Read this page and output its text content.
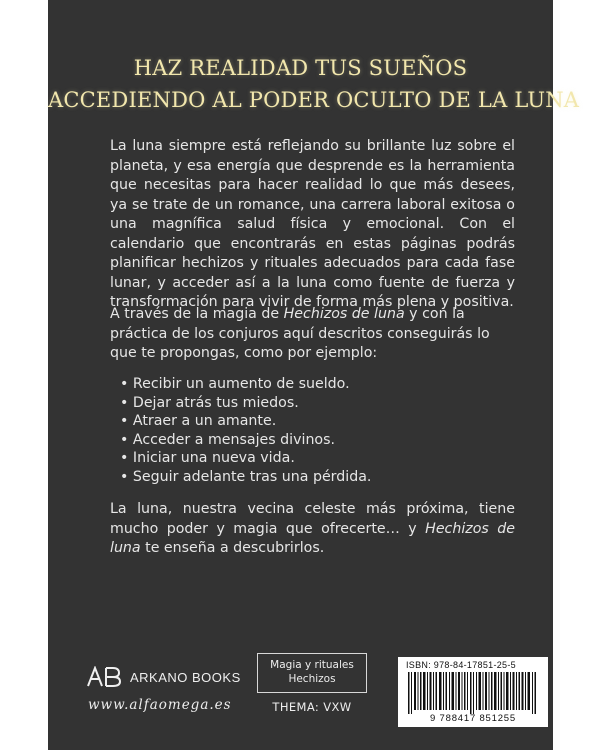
HAZ REALIDAD TUS SUEÑOS
ACCEDIENDO AL PODER OCULTO DE LA LUNA

La luna siempre está reflejando su brillante luz sobre el planeta, y esa energía que desprende es la herramienta que necesitas para hacer realidad lo que más desees, ya se trate de un romance, una carrera laboral exitosa o una magnífica salud física y emocional. Con el calendario que encontrarás en estas páginas podrás planificar hechizos y rituales adecuados para cada fase lunar, y acceder así a la luna como fuente de fuerza y transformación para vivir de forma más plena y positiva.

A través de la magia de Hechizos de luna y con la práctica de los conjuros aquí descritos conseguirás lo que te propongas, como por ejemplo:

• Recibir un aumento de sueldo.
• Dejar atrás tus miedos.
• Atraer a un amante.
• Acceder a mensajes divinos.
• Iniciar una nueva vida.
• Seguir adelante tras una pérdida.

La luna, nuestra vecina celeste más próxima, tiene mucho poder y magia que ofrecerte… y Hechizos de luna te enseña a descubrirlos.

ARKANO BOOKS
www.alfaomega.es
Magia y rituales
Hechizos
THEMA: VXW
ISBN: 978-84-17851-25-5
9 788417 851255
